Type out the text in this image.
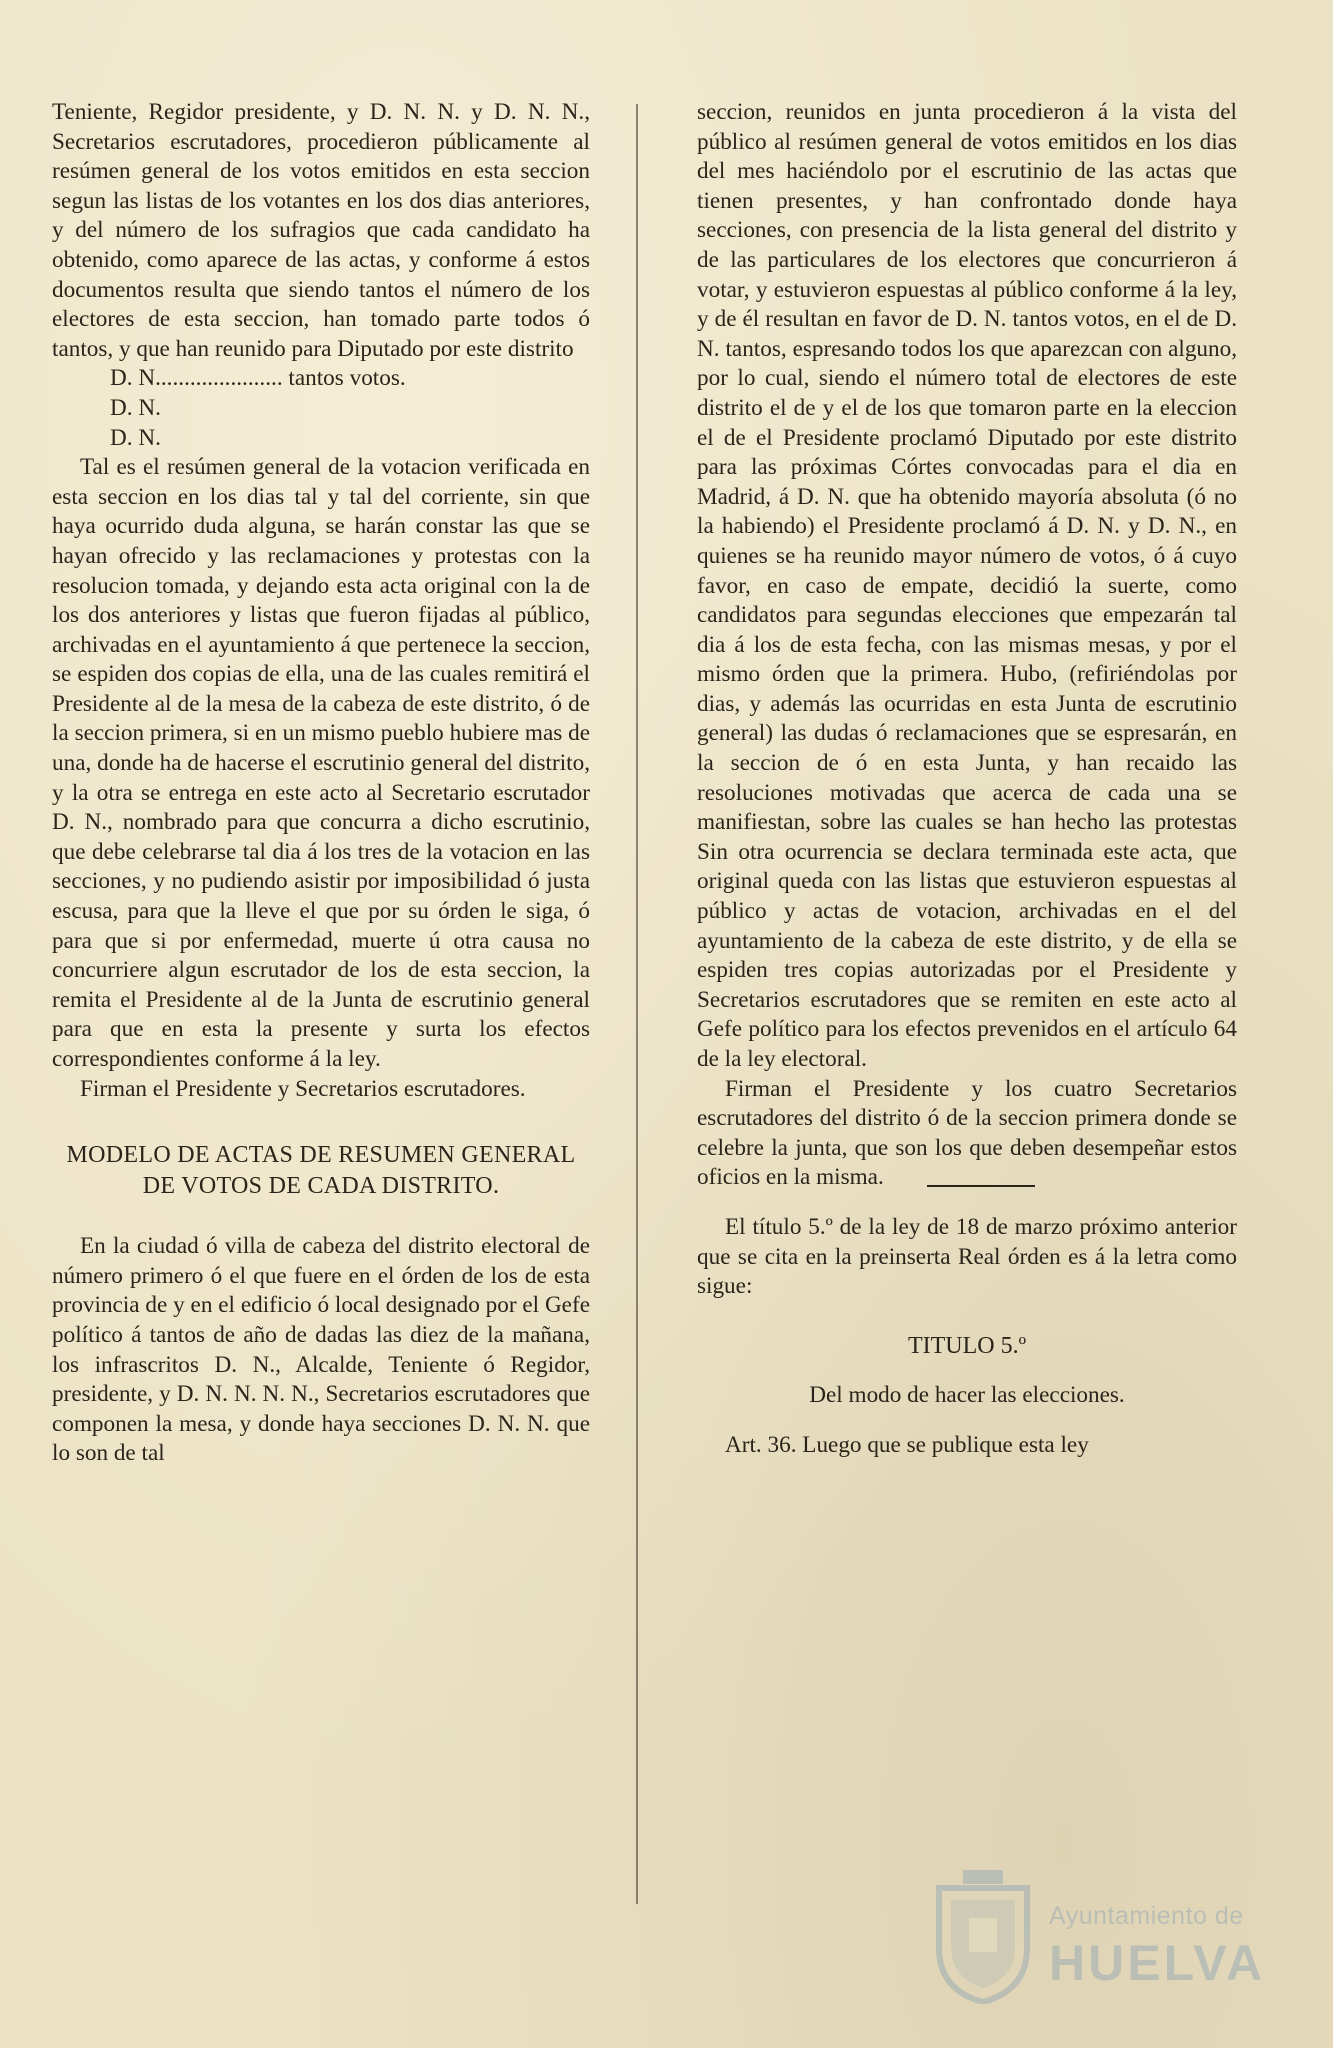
Teniente, Regidor presidente, y D. N. N. y D. N. N., Secretarios escrutadores, procedieron públicamente al resúmen general de los votos emitidos en esta seccion segun las listas de los votantes en los dos dias anteriores, y del número de los sufragios que cada candidato ha obtenido, como aparece de las actas, y conforme á estos documentos resulta que siendo tantos el número de los electores de esta seccion, han tomado parte todos ó tantos, y que han reunido para Diputado por este distrito

D. N...................... tantos votos.
D. N.
D. N.

Tal es el resúmen general de la votacion verificada en esta seccion en los dias tal y tal del corriente, sin que haya ocurrido duda alguna, se harán constar las que se hayan ofrecido y las reclamaciones y protestas con la resolucion tomada, y dejando esta acta original con la de los dos anteriores y listas que fueron fijadas al público, archivadas en el ayuntamiento á que pertenece la seccion, se espiden dos copias de ella, una de las cuales remitirá el Presidente al de la mesa de la cabeza de este distrito, ó de la seccion primera, si en un mismo pueblo hubiere mas de una, donde ha de hacerse el escrutinio general del distrito, y la otra se entrega en este acto al Secretario escrutador D. N., nombrado para que concurra a dicho escrutinio, que debe celebrarse tal dia á los tres de la votacion en las secciones, y no pudiendo asistir por imposibilidad ó justa escusa, para que la lleve el que por su órden le siga, ó para que si por enfermedad, muerte ú otra causa no concurriere algun escrutador de los de esta seccion, la remita el Presidente al de la Junta de escrutinio general para que en esta la presente y surta los efectos correspondientes conforme á la ley.

Firman el Presidente y Secretarios escrutadores.

MODELO DE ACTAS DE RESUMEN GENERAL DE VOTOS DE CADA DISTRITO.

En la ciudad ó villa de cabeza del distrito electoral de número primero ó el que fuere en el órden de los de esta provincia de y en el edificio ó local designado por el Gefe político á tantos de año de dadas las diez de la mañana, los infrascritos D. N., Alcalde, Teniente ó Regidor, presidente, y D. N. N. N. N., Secretarios escrutadores que componen la mesa, y donde haya secciones D. N. N. que lo son de tal

seccion, reunidos en junta procedieron á la vista del público al resúmen general de votos emitidos en los dias del mes haciéndolo por el escrutinio de las actas que tienen presentes, y han confrontado donde haya secciones, con presencia de la lista general del distrito y de las particulares de los electores que concurrieron á votar, y estuvieron espuestas al público conforme á la ley, y de él resultan en favor de D. N. tantos votos, en el de D. N. tantos, espresando todos los que aparezcan con alguno, por lo cual, siendo el número total de electores de este distrito el de y el de los que tomaron parte en la eleccion el de el Presidente proclamó Diputado por este distrito para las próximas Córtes convocadas para el dia en Madrid, á D. N. que ha obtenido mayoría absoluta (ó no la habiendo) el Presidente proclamó á D. N. y D. N., en quienes se ha reunido mayor número de votos, ó á cuyo favor, en caso de empate, decidió la suerte, como candidatos para segundas elecciones que empezarán tal dia á los de esta fecha, con las mismas mesas, y por el mismo órden que la primera. Hubo, (refiriéndolas por dias, y además las ocurridas en esta Junta de escrutinio general) las dudas ó reclamaciones que se espresarán, en la seccion de ó en esta Junta, y han recaido las resoluciones motivadas que acerca de cada una se manifiestan, sobre las cuales se han hecho las protestas Sin otra ocurrencia se declara terminada este acta, que original queda con las listas que estuvieron espuestas al público y actas de votacion, archivadas en el del ayuntamiento de la cabeza de este distrito, y de ella se espiden tres copias autorizadas por el Presidente y Secretarios escrutadores que se remiten en este acto al Gefe político para los efectos prevenidos en el artículo 64 de la ley electoral.

Firman el Presidente y los cuatro Secretarios escrutadores del distrito ó de la seccion primera donde se celebre la junta, que son los que deben desempeñar estos oficios en la misma.

El título 5.º de la ley de 18 de marzo próximo anterior que se cita en la preinserta Real órden es á la letra como sigue:

TITULO 5.º

Del modo de hacer las elecciones.

Art. 36. Luego que se publique esta ley

Ayuntamiento de
HUELVA
